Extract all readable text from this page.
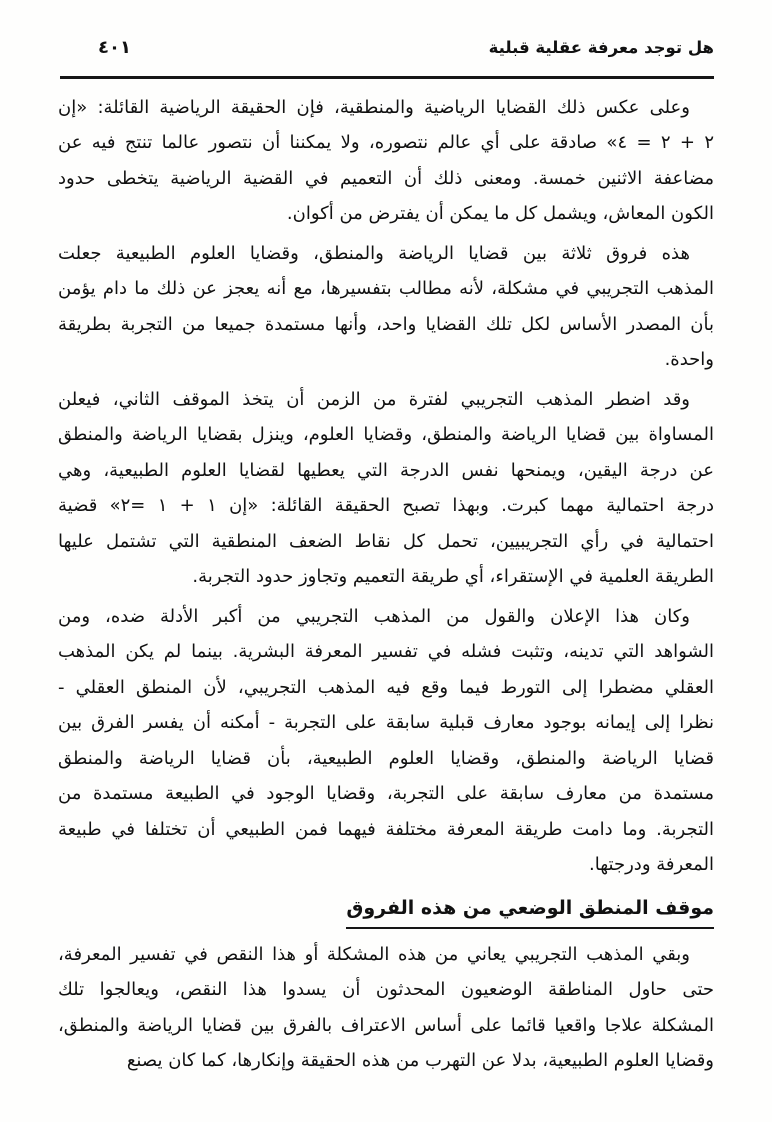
هل توجد معرفة عقلية قبلية
٤٠١

وعلى عكس ذلك القضايا الرياضية والمنطقية، فإن الحقيقة الرياضية القائلة: «إن
٢ + ٢ = ٤» صادقة على أي عالم نتصوره، ولا يمكننا أن نتصور عالما تنتج فيه عن
مضاعفة الاثنين خمسة. ومعنى ذلك أن التعميم في القضية الرياضية يتخطى حدود
الكون المعاش، ويشمل كل ما يمكن أن يفترض من أكوان.

هذه فروق ثلاثة بين قضايا الرياضة والمنطق، وقضايا العلوم الطبيعية جعلت
المذهب التجريبي في مشكلة، لأنه مطالب بتفسيرها، مع أنه يعجز عن ذلك ما دام يؤمن
بأن المصدر الأساس لكل تلك القضايا واحد، وأنها مستمدة جميعا من التجربة بطريقة
واحدة.

وقد اضطر المذهب التجريبي لفترة من الزمن أن يتخذ الموقف الثاني، فيعلن
المساواة بين قضايا الرياضة والمنطق، وقضايا العلوم، وينزل بقضايا الرياضة والمنطق
عن درجة اليقين، ويمنحها نفس الدرجة التي يعطيها لقضايا العلوم الطبيعية، وهي
درجة احتمالية مهما كبرت. وبهذا تصبح الحقيقة القائلة: «إن ١ + ١ =٢» قضية
احتمالية في رأي التجريبيين، تحمل كل نقاط الضعف المنطقية التي تشتمل عليها
الطريقة العلمية في الإستقراء، أي طريقة التعميم وتجاوز حدود التجربة.

وكان هذا الإعلان والقول من المذهب التجريبي من أكبر الأدلة ضده، ومن
الشواهد التي تدينه، وتثبت فشله في تفسير المعرفة البشرية. بينما لم يكن المذهب
العقلي مضطرا إلى التورط فيما وقع فيه المذهب التجريبي، لأن المنطق العقلي -
نظرا إلى إيمانه بوجود معارف قبلية سابقة على التجربة - أمكنه أن يفسر الفرق بين
قضايا الرياضة والمنطق، وقضايا العلوم الطبيعية، بأن قضايا الرياضة والمنطق
مستمدة من معارف سابقة على التجربة، وقضايا الوجود في الطبيعة مستمدة من
التجربة. وما دامت طريقة المعرفة مختلفة فيهما فمن الطبيعي أن تختلفا في طبيعة
المعرفة ودرجتها.

موقف المنطق الوضعي من هذه الفروق

وبقي المذهب التجريبي يعاني من هذه المشكلة أو هذا النقص في تفسير المعرفة،
حتى حاول المناطقة الوضعيون المحدثون أن يسدوا هذا النقص، ويعالجوا تلك
المشكلة علاجا واقعيا قائما على أساس الاعتراف بالفرق بين قضايا الرياضة والمنطق،
وقضايا العلوم الطبيعية، بدلا عن التهرب من هذه الحقيقة وإنكارها، كما كان يصنع
